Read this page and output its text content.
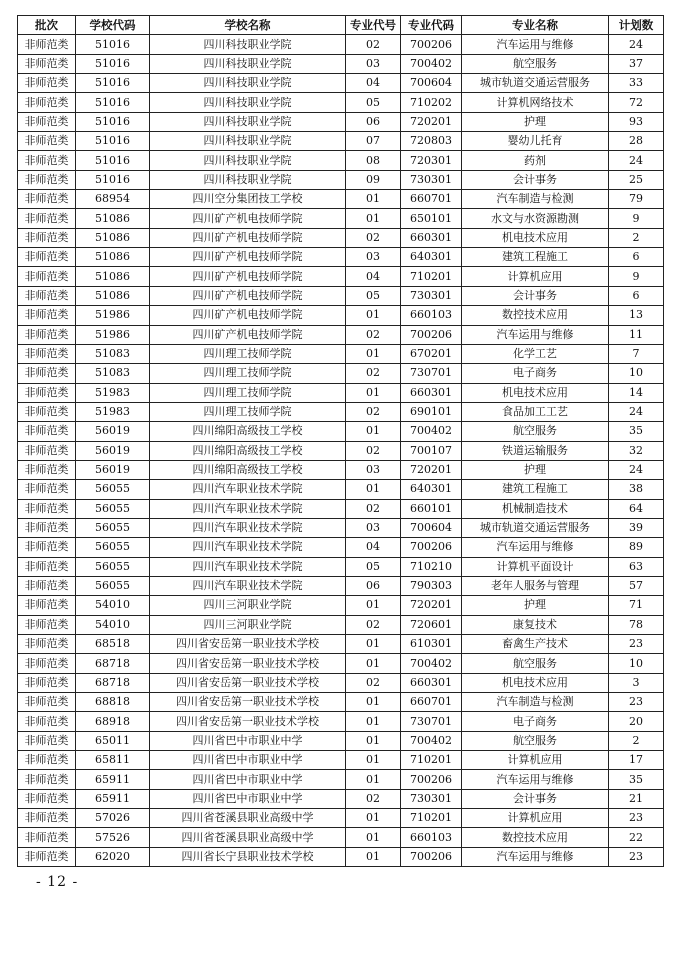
批次	学校代码	学校名称	专业代号	专业代码	专业名称	计划数
非师范类	51016	四川科技职业学院	02	700206	汽车运用与维修	24
非师范类	51016	四川科技职业学院	03	700402	航空服务	37
非师范类	51016	四川科技职业学院	04	700604	城市轨道交通运营服务	33
非师范类	51016	四川科技职业学院	05	710202	计算机网络技术	72
非师范类	51016	四川科技职业学院	06	720201	护理	93
非师范类	51016	四川科技职业学院	07	720803	婴幼儿托育	28
非师范类	51016	四川科技职业学院	08	720301	药剂	24
非师范类	51016	四川科技职业学院	09	730301	会计事务	25
非师范类	68954	四川空分集团技工学校	01	660701	汽车制造与检测	79
非师范类	51086	四川矿产机电技师学院	01	650101	水文与水资源勘测	9
非师范类	51086	四川矿产机电技师学院	02	660301	机电技术应用	2
非师范类	51086	四川矿产机电技师学院	03	640301	建筑工程施工	6
非师范类	51086	四川矿产机电技师学院	04	710201	计算机应用	9
非师范类	51086	四川矿产机电技师学院	05	730301	会计事务	6
非师范类	51986	四川矿产机电技师学院	01	660103	数控技术应用	13
非师范类	51986	四川矿产机电技师学院	02	700206	汽车运用与维修	11
非师范类	51083	四川理工技师学院	01	670201	化学工艺	7
非师范类	51083	四川理工技师学院	02	730701	电子商务	10
非师范类	51983	四川理工技师学院	01	660301	机电技术应用	14
非师范类	51983	四川理工技师学院	02	690101	食品加工工艺	24
非师范类	56019	四川绵阳高级技工学校	01	700402	航空服务	35
非师范类	56019	四川绵阳高级技工学校	02	700107	铁道运输服务	32
非师范类	56019	四川绵阳高级技工学校	03	720201	护理	24
非师范类	56055	四川汽车职业技术学院	01	640301	建筑工程施工	38
非师范类	56055	四川汽车职业技术学院	02	660101	机械制造技术	64
非师范类	56055	四川汽车职业技术学院	03	700604	城市轨道交通运营服务	39
非师范类	56055	四川汽车职业技术学院	04	700206	汽车运用与维修	89
非师范类	56055	四川汽车职业技术学院	05	710210	计算机平面设计	63
非师范类	56055	四川汽车职业技术学院	06	790303	老年人服务与管理	57
非师范类	54010	四川三河职业学院	01	720201	护理	71
非师范类	54010	四川三河职业学院	02	720601	康复技术	78
非师范类	68518	四川省安岳第一职业技术学校	01	610301	畜禽生产技术	23
非师范类	68718	四川省安岳第一职业技术学校	01	700402	航空服务	10
非师范类	68718	四川省安岳第一职业技术学校	02	660301	机电技术应用	3
非师范类	68818	四川省安岳第一职业技术学校	01	660701	汽车制造与检测	23
非师范类	68918	四川省安岳第一职业技术学校	01	730701	电子商务	20
非师范类	65011	四川省巴中市职业中学	01	700402	航空服务	2
非师范类	65811	四川省巴中市职业中学	01	710201	计算机应用	17
非师范类	65911	四川省巴中市职业中学	01	700206	汽车运用与维修	35
非师范类	65911	四川省巴中市职业中学	02	730301	会计事务	21
非师范类	57026	四川省苍溪县职业高级中学	01	710201	计算机应用	23
非师范类	57526	四川省苍溪县职业高级中学	01	660103	数控技术应用	22
非师范类	62020	四川省长宁县职业技术学校	01	700206	汽车运用与维修	23
- 12 -
